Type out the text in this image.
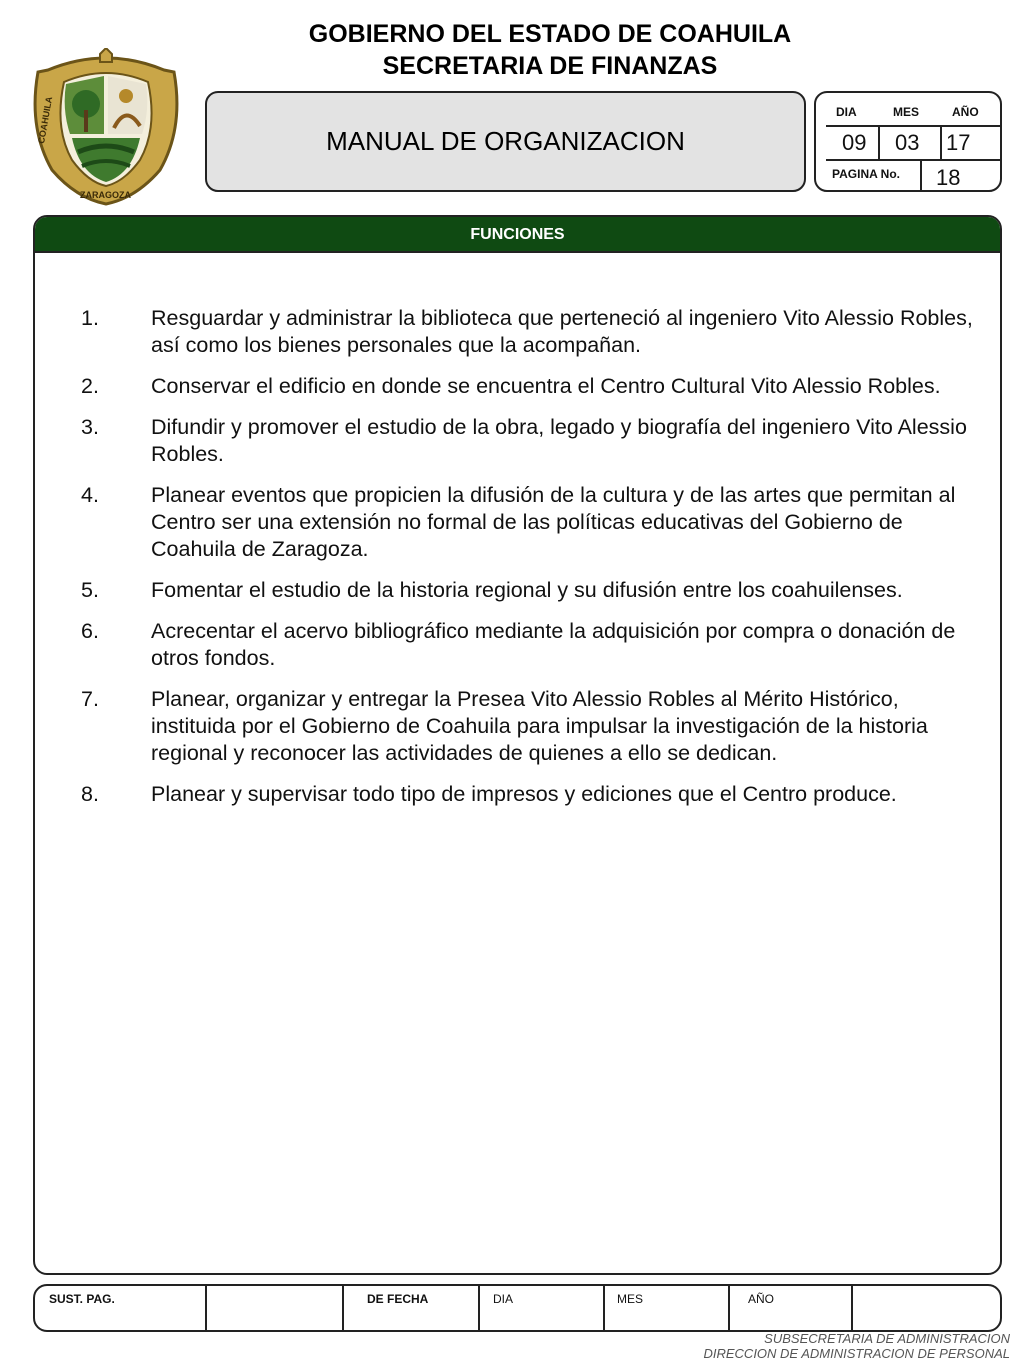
COAHUILA
ZARAGOZA
GOBIERNO DEL ESTADO DE COAHUILA
SECRETARIA DE FINANZAS
MANUAL DE ORGANIZACION
DIA	MES	AÑO
09 03 17
PAGINA No. 18
FUNCIONES
1.	Resguardar y administrar la biblioteca que perteneció al ingeniero Vito Alessio Robles, así como los bienes personales que la acompañan.
2.	Conservar el edificio en donde se encuentra el Centro Cultural Vito Alessio Robles.
3.	Difundir y promover el estudio de la obra, legado y biografía del ingeniero Vito Alessio Robles.
4.	Planear eventos que propicien la difusión de la cultura y de las artes que permitan al Centro ser una extensión no formal de las políticas educativas del Gobierno de Coahuila de Zaragoza.
5.	Fomentar el estudio de la historia regional y su difusión entre los coahuilenses.
6.	Acrecentar el acervo bibliográfico mediante la adquisición por compra o donación de otros fondos.
7.	Planear, organizar y entregar la Presea Vito Alessio Robles al Mérito Histórico, instituida por el Gobierno de Coahuila para impulsar la investigación de la historia regional y reconocer las actividades de quienes a ello se dedican.
8.	Planear y supervisar todo tipo de impresos y ediciones que el Centro produce.
SUST. PAG.	DE FECHA	DIA	MES	AÑO
SUBSECRETARIA DE ADMINISTRACION
DIRECCION DE ADMINISTRACION DE PERSONAL
